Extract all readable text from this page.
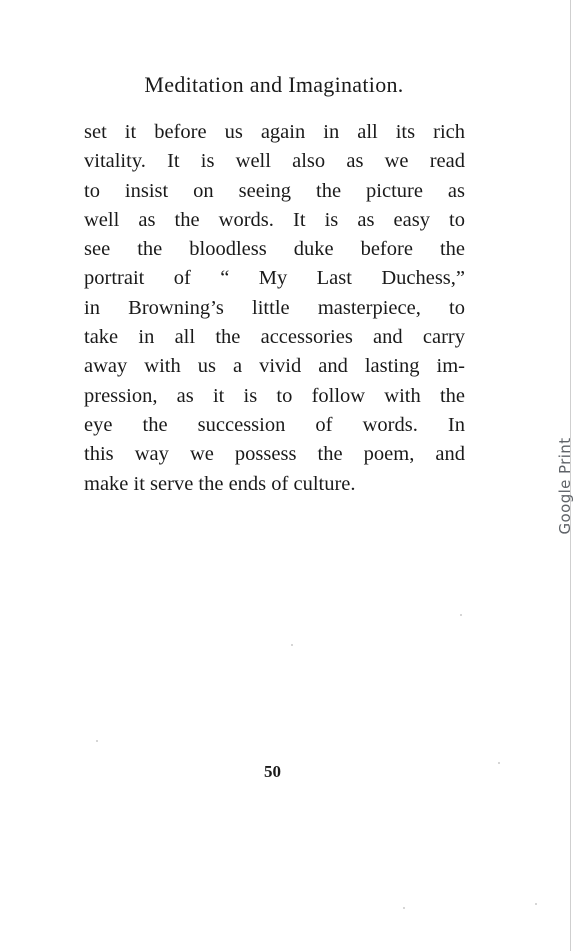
Meditation and Imagination.
set it before us again in all its rich
vitality. It is well also as we read
to insist on seeing the picture as
well as the words. It is as easy to
see the bloodless duke before the
portrait of “ My Last Duchess,”
in Browning’s little masterpiece, to
take in all the accessories and carry
away with us a vivid and lasting im-
pression, as it is to follow with the
eye the succession of words. In
this way we possess the poem, and
make it serve the ends of culture.
50
Google Print
